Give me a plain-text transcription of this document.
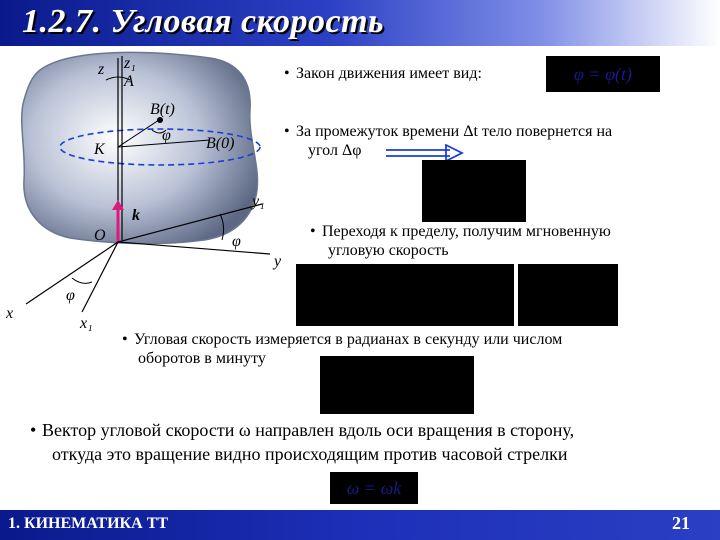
1.2.7. Угловая скорость
z z₁
A
B(t)
φ
K	B(0)
k
O
y₁
φ
y
φ
x
x₁
• Закон движения имеет вид:	φ = φ(t)
• За промежуток времени Δt тело повернется на
угол Δφ
• Переходя к пределу, получим мгновенную
угловую скорость
• Угловая скорость измеряется в радианах в секунду или числом
оборотов в минуту
• Вектор угловой скорости ω направлен вдоль оси вращения в сторону,
откуда это вращение видно происходящим против часовой стрелки
ω = ωk
1. КИНЕМАТИКА ТТ	21
